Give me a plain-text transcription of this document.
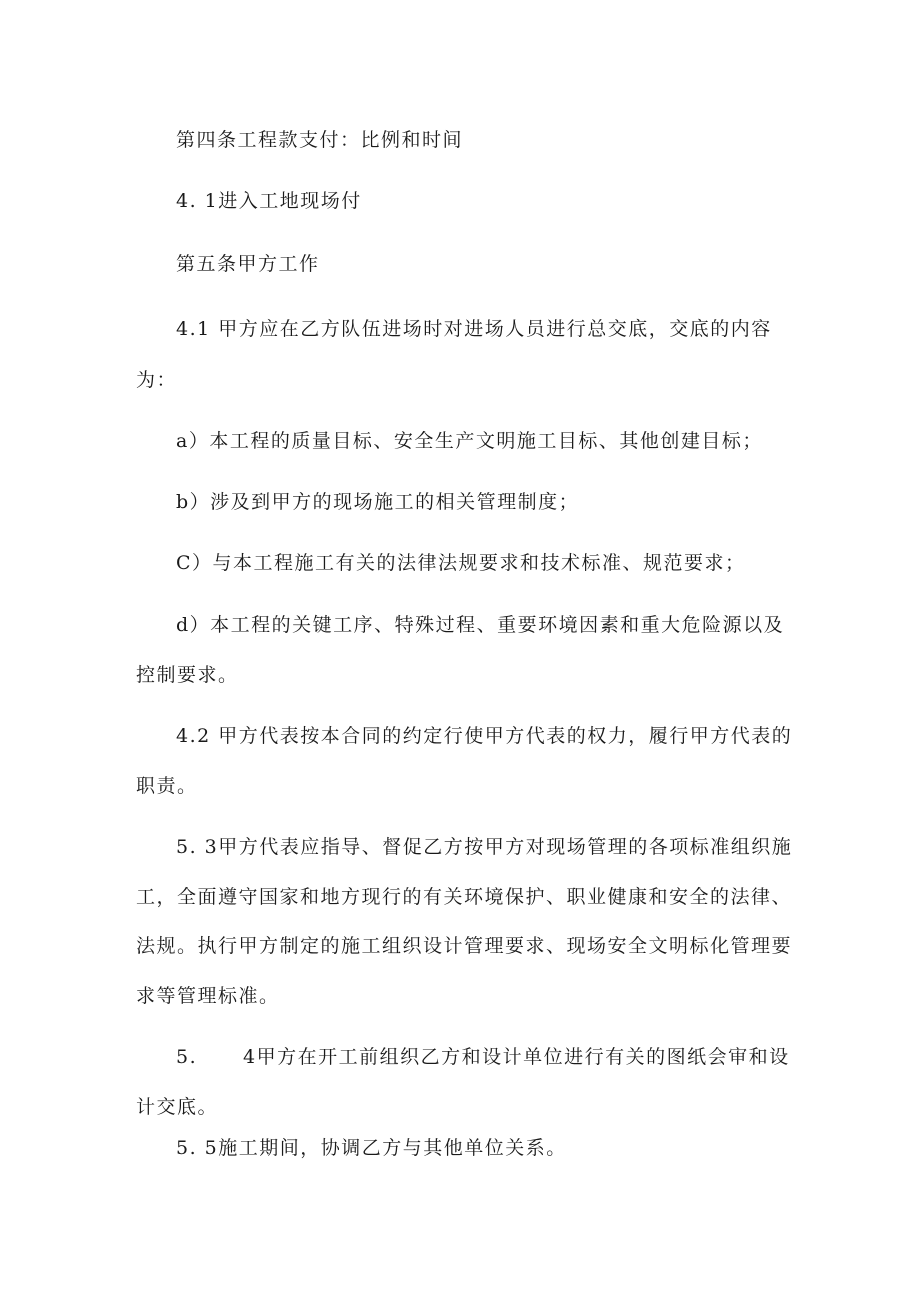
第四条工程款支付：比例和时间
4. 1进入工地现场付
第五条甲方工作
4.1 甲方应在乙方队伍进场时对进场人员进行总交底，交底的内容
为：
a）本工程的质量目标、安全生产文明施工目标、其他创建目标；
b）涉及到甲方的现场施工的相关管理制度；
C）与本工程施工有关的法律法规要求和技术标准、规范要求；
d）本工程的关键工序、特殊过程、重要环境因素和重大危险源以及
控制要求。
4.2 甲方代表按本合同的约定行使甲方代表的权力，履行甲方代表的
职责。
5. 3甲方代表应指导、督促乙方按甲方对现场管理的各项标准组织施
工，全面遵守国家和地方现行的有关环境保护、职业健康和安全的法律、
法规。执行甲方制定的施工组织设计管理要求、现场安全文明标化管理要
求等管理标准。
5. 4甲方在开工前组织乙方和设计单位进行有关的图纸会审和设
计交底。
5. 5施工期间，协调乙方与其他单位关系。
